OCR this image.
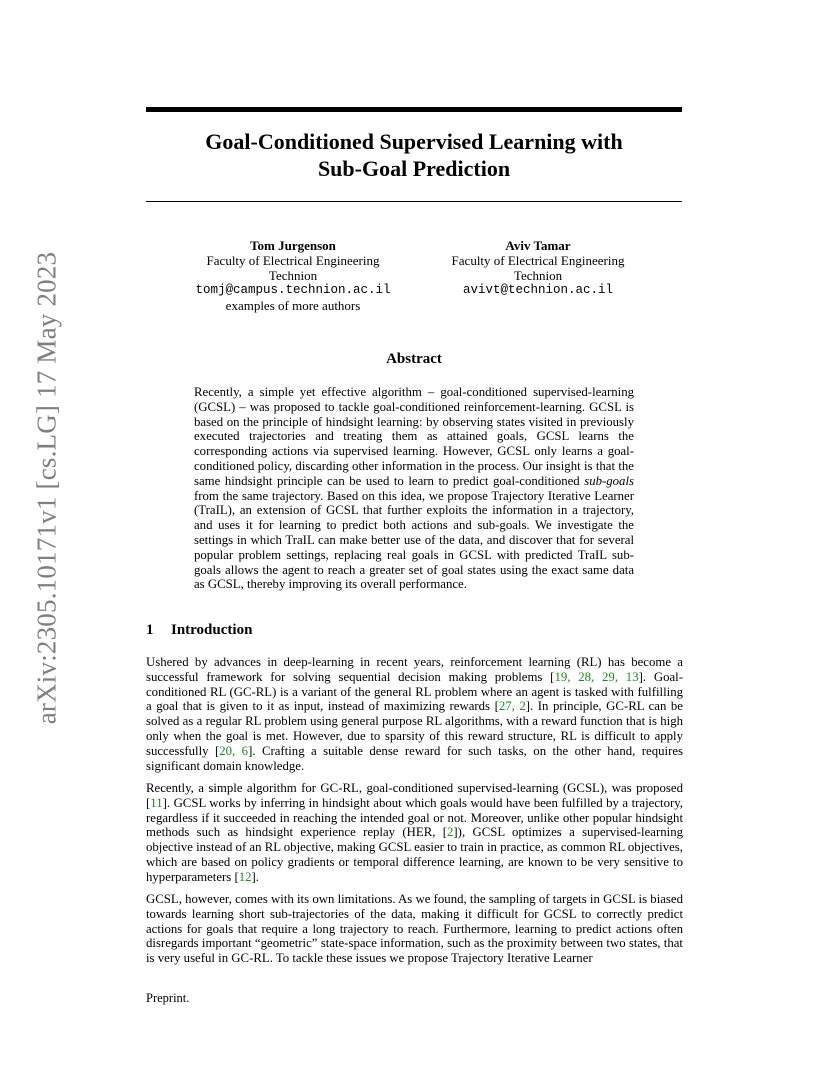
Goal-Conditioned Supervised Learning with
Sub-Goal Prediction
Tom Jurgenson
Faculty of Electrical Engineering
Technion
tomj@campus.technion.ac.il
examples of more authors
Aviv Tamar
Faculty of Electrical Engineering
Technion
avivt@technion.ac.il
Abstract

Recently, a simple yet effective algorithm – goal-conditioned supervised-learning (GCSL) – was proposed to tackle goal-conditioned reinforcement-learning. GCSL is based on the principle of hindsight learning: by observing states visited in previously executed trajectories and treating them as attained goals, GCSL learns the corresponding actions via supervised learning. However, GCSL only learns a goal-conditioned policy, discarding other information in the process. Our insight is that the same hindsight principle can be used to learn to predict goal-conditioned sub-goals from the same trajectory. Based on this idea, we propose Trajectory Iterative Learner (TraIL), an extension of GCSL that further exploits the information in a trajectory, and uses it for learning to predict both actions and sub-goals. We investigate the settings in which TraIL can make better use of the data, and discover that for several popular problem settings, replacing real goals in GCSL with predicted TraIL sub-goals allows the agent to reach a greater set of goal states using the exact same data as GCSL, thereby improving its overall performance.

1 Introduction

Ushered by advances in deep-learning in recent years, reinforcement learning (RL) has become a successful framework for solving sequential decision making problems [19, 28, 29, 13]. Goal-conditioned RL (GC-RL) is a variant of the general RL problem where an agent is tasked with fulfilling a goal that is given to it as input, instead of maximizing rewards [27, 2]. In principle, GC-RL can be solved as a regular RL problem using general purpose RL algorithms, with a reward function that is high only when the goal is met. However, due to sparsity of this reward structure, RL is difficult to apply successfully [20, 6]. Crafting a suitable dense reward for such tasks, on the other hand, requires significant domain knowledge.

Recently, a simple algorithm for GC-RL, goal-conditioned supervised-learning (GCSL), was proposed [11]. GCSL works by inferring in hindsight about which goals would have been fulfilled by a trajectory, regardless if it succeeded in reaching the intended goal or not. Moreover, unlike other popular hindsight methods such as hindsight experience replay (HER, [2]), GCSL optimizes a supervised-learning objective instead of an RL objective, making GCSL easier to train in practice, as common RL objectives, which are based on policy gradients or temporal difference learning, are known to be very sensitive to hyperparameters [12].

GCSL, however, comes with its own limitations. As we found, the sampling of targets in GCSL is biased towards learning short sub-trajectories of the data, making it difficult for GCSL to correctly predict actions for goals that require a long trajectory to reach. Furthermore, learning to predict actions often disregards important “geometric” state-space information, such as the proximity between two states, that is very useful in GC-RL. To tackle these issues we propose Trajectory Iterative Learner

Preprint.

arXiv:2305.10171v1 [cs.LG] 17 May 2023
